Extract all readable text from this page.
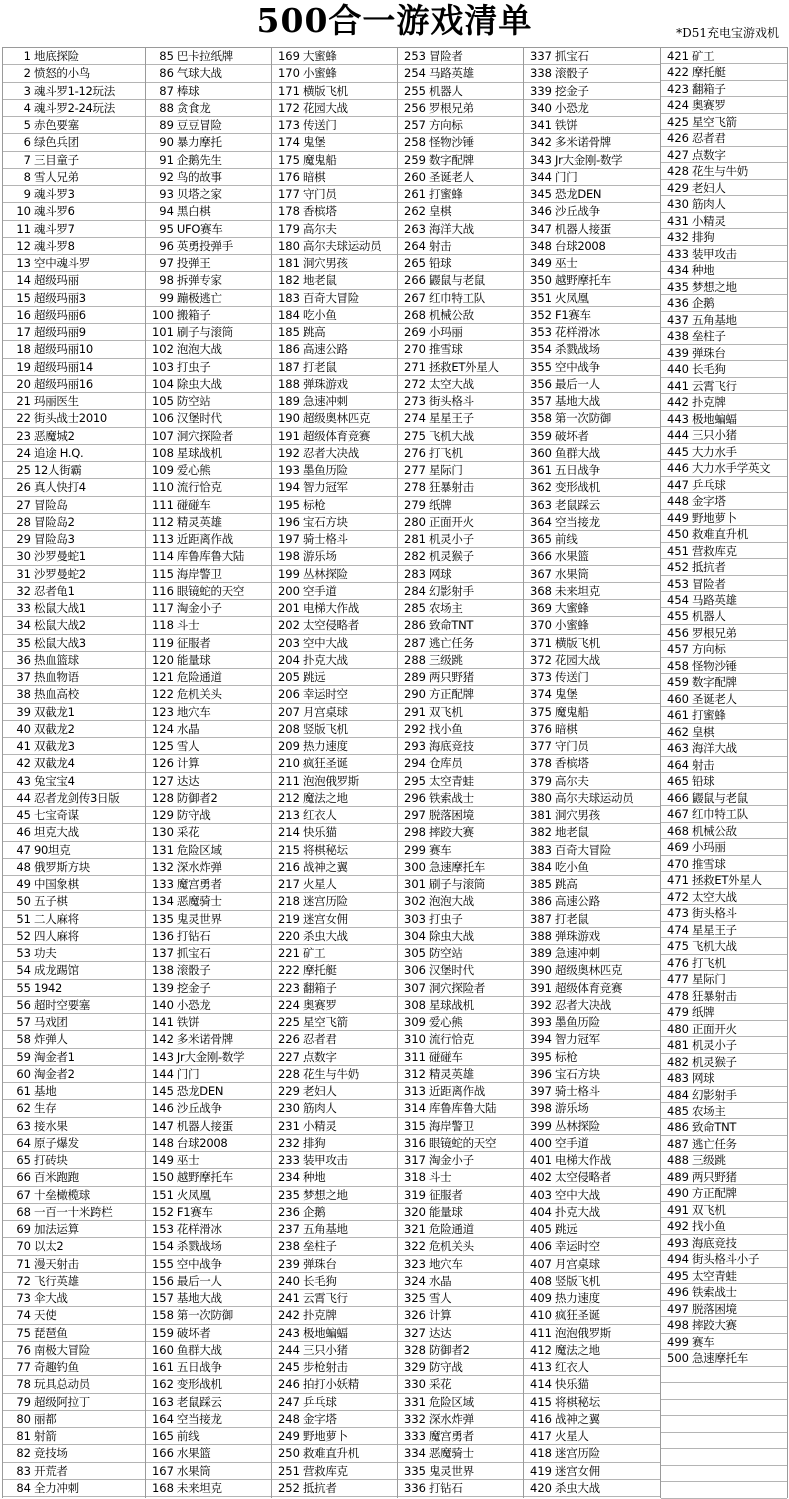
500合一游戏清单	*D51充电宝游戏机
1 地底探险
2 愤怒的小鸟
3 魂斗罗1-12玩法
4 魂斗罗2-24玩法
5 赤色要塞
6 绿色兵团
7 三目童子
8 雪人兄弟
9 魂斗罗3
10 魂斗罗6
11 魂斗罗7
12 魂斗罗8
13 空中魂斗罗
14 超级玛丽
15 超级玛丽3
16 超级玛丽6
17 超级玛丽9
18 超级玛丽10
19 超级玛丽14
20 超级玛丽16
21 玛丽医生
22 街头战士2010
23 恶魔城2
24 追途 H.Q.
25 12人街霸
26 真人快打4
27 冒险岛
28 冒险岛2
29 冒险岛3
30 沙罗曼蛇1
31 沙罗曼蛇2
32 忍者龟1
33 松鼠大战1
34 松鼠大战2
35 松鼠大战3
36 热血篮球
37 热血物语
38 热血高校
39 双截龙1
40 双截龙2
41 双截龙3
42 双截龙4
43 兔宝宝4
44 忍者龙剑传3日版
45 七宝奇谋
46 坦克大战
47 90坦克
48 俄罗斯方块
49 中国象棋
50 五子棋
51 二人麻将
52 四人麻将
53 功夫
54 成龙踢馆
55 1942
56 超时空要塞
57 马戏团
58 炸弹人
59 淘金者1
60 淘金者2
61 基地
62 生存
63 接水果
64 原子爆发
65 打砖块
66 百米跑跑
67 十垒橄榄球
68 一百一十米跨栏
69 加法运算
70 以太2
71 漫天射击
72 飞行英雄
73 伞大战
74 天使
75 琵琶鱼
76 南极大冒险
77 奇趣钓鱼
78 玩具总动员
79 超级阿拉丁
80 丽都
81 射箭
82 竞技场
83 开荒者
84 全力冲刺
85 巴卡拉纸牌
86 气球大战
87 棒球
88 贪食龙
89 豆豆冒险
90 暴力摩托
91 企鹅先生
92 鸟的故事
93 贝塔之家
94 黑白棋
95 UFO赛车
96 英勇投弹手
97 投弹王
98 拆弹专家
99 蹦极逃亡
100 搬箱子
101 刷子与滚筒
102 泡泡大战
103 打虫子
104 除虫大战
105 防空站
106 汉堡时代
107 洞穴探险者
108 星球战机
109 爱心熊
110 流行恰克
111 碰碰车
112 精灵英雄
113 近距离作战
114 库鲁库鲁大陆
115 海岸警卫
116 眼镜蛇的天空
117 淘金小子
118 斗士
119 征服者
120 能量球
121 危险通道
122 危机关头
123 地穴车
124 水晶
125 雪人
126 计算
127 达达
128 防御者2
129 防守战
130 采花
131 危险区域
132 深水炸弹
133 魔宫勇者
134 恶魔骑士
135 鬼灵世界
136 打钻石
137 抓宝石
138 滚骰子
139 挖金子
140 小恐龙
141 铁饼
142 多米诺骨牌
143 Jr大金刚-数学
144 门门
145 恐龙DEN
146 沙丘战争
147 机器人接蛋
148 台球2008
149 巫士
150 越野摩托车
151 火凤凰
152 F1赛车
153 花样滑冰
154 杀戮战场
155 空中战争
156 最后一人
157 基地大战
158 第一次防御
159 破坏者
160 鱼群大战
161 五日战争
162 变形战机
163 老鼠踩云
164 空当接龙
165 前线
166 水果篮
167 水果筒
168 未来坦克
169 大蜜蜂
170 小蜜蜂
171 横版飞机
172 花园大战
173 传送门
174 鬼堡
175 魔鬼船
176 暗棋
177 守门员
178 香槟塔
179 高尔夫
180 高尔夫球运动员
181 洞穴男孩
182 地老鼠
183 百奇大冒险
184 吃小鱼
185 跳高
186 高速公路
187 打老鼠
188 弹珠游戏
189 急速冲刺
190 超级奥林匹克
191 超级体育竞赛
192 忍者大决战
193 墨鱼历险
194 智力冠军
195 标枪
196 宝石方块
197 骑士格斗
198 游乐场
199 丛林探险
200 空手道
201 电梯大作战
202 太空侵略者
203 空中大战
204 扑克大战
205 跳远
206 幸运时空
207 月宫桌球
208 竖版飞机
209 热力速度
210 疯狂圣诞
211 泡泡俄罗斯
212 魔法之地
213 红衣人
214 快乐猫
215 将棋秘坛
216 战神之翼
217 火星人
218 迷宫历险
219 迷宫女佣
220 杀虫大战
221 矿工
222 摩托艇
223 翻箱子
224 奥赛罗
225 星空飞箭
226 忍者君
227 点数字
228 花生与牛奶
229 老妇人
230 筋肉人
231 小精灵
232 排狗
233 装甲攻击
234 种地
235 梦想之地
236 企鹅
237 五角基地
238 垒柱子
239 弹珠台
240 长毛狗
241 云霄飞行
242 扑克牌
243 极地蝙蝠
244 三只小猪
245 步枪射击
246 拍打小妖精
247 乒乓球
248 金字塔
249 野地萝卜
250 救难直升机
251 营救库克
252 抵抗者
253 冒险者
254 马路英雄
255 机器人
256 罗根兄弟
257 方向标
258 怪物沙锤
259 数字配牌
260 圣诞老人
261 打蜜蜂
262 皇棋
263 海洋大战
264 射击
265 铅球
266 鼹鼠与老鼠
267 红巾特工队
268 机械公敌
269 小玛丽
270 推雪球
271 拯救ET外星人
272 太空大战
273 街头格斗
274 星星王子
275 飞机大战
276 打飞机
277 星际门
278 狂暴射击
279 纸牌
280 正面开火
281 机灵小子
282 机灵猴子
283 网球
284 幻影射手
285 农场主
286 致命TNT
287 逃亡任务
288 三级跳
289 两只野猪
290 方正配牌
291 双飞机
292 找小鱼
293 海底竞技
294 仓库员
295 太空青蛙
296 铁索战士
297 脱落困境
298 摔跤大赛
299 赛车
300 急速摩托车
301 刷子与滚筒
302 泡泡大战
303 打虫子
304 除虫大战
305 防空站
306 汉堡时代
307 洞穴探险者
308 星球战机
309 爱心熊
310 流行恰克
311 碰碰车
312 精灵英雄
313 近距离作战
314 库鲁库鲁大陆
315 海岸警卫
316 眼镜蛇的天空
317 淘金小子
318 斗士
319 征服者
320 能量球
321 危险通道
322 危机关头
323 地穴车
324 水晶
325 雪人
326 计算
327 达达
328 防御者2
329 防守战
330 采花
331 危险区域
332 深水炸弹
333 魔宫勇者
334 恶魔骑士
335 鬼灵世界
336 打钻石
337 抓宝石
338 滚骰子
339 挖金子
340 小恐龙
341 铁饼
342 多米诺骨牌
343 Jr大金刚-数学
344 门门
345 恐龙DEN
346 沙丘战争
347 机器人接蛋
348 台球2008
349 巫士
350 越野摩托车
351 火凤凰
352 F1赛车
353 花样滑冰
354 杀戮战场
355 空中战争
356 最后一人
357 基地大战
358 第一次防御
359 破坏者
360 鱼群大战
361 五日战争
362 变形战机
363 老鼠踩云
364 空当接龙
365 前线
366 水果篮
367 水果筒
368 未来坦克
369 大蜜蜂
370 小蜜蜂
371 横版飞机
372 花园大战
373 传送门
374 鬼堡
375 魔鬼船
376 暗棋
377 守门员
378 香槟塔
379 高尔夫
380 高尔夫球运动员
381 洞穴男孩
382 地老鼠
383 百奇大冒险
384 吃小鱼
385 跳高
386 高速公路
387 打老鼠
388 弹珠游戏
389 急速冲刺
390 超级奥林匹克
391 超级体育竞赛
392 忍者大决战
393 墨鱼历险
394 智力冠军
395 标枪
396 宝石方块
397 骑士格斗
398 游乐场
399 丛林探险
400 空手道
401 电梯大作战
402 太空侵略者
403 空中大战
404 扑克大战
405 跳远
406 幸运时空
407 月宫桌球
408 竖版飞机
409 热力速度
410 疯狂圣诞
411 泡泡俄罗斯
412 魔法之地
413 红衣人
414 快乐猫
415 将棋秘坛
416 战神之翼
417 火星人
418 迷宫历险
419 迷宫女佣
420 杀虫大战
421 矿工
422 摩托艇
423 翻箱子
424 奥赛罗
425 星空飞箭
426 忍者君
427 点数字
428 花生与牛奶
429 老妇人
430 筋肉人
431 小精灵
432 排狗
433 装甲攻击
434 种地
435 梦想之地
436 企鹅
437 五角基地
438 垒柱子
439 弹珠台
440 长毛狗
441 云霄飞行
442 扑克牌
443 极地蝙蝠
444 三只小猪
445 大力水手
446 大力水手学英文
447 乒乓球
448 金字塔
449 野地萝卜
450 救难直升机
451 营救库克
452 抵抗者
453 冒险者
454 马路英雄
455 机器人
456 罗根兄弟
457 方向标
458 怪物沙锤
459 数字配牌
460 圣诞老人
461 打蜜蜂
462 皇棋
463 海洋大战
464 射击
465 铅球
466 鼹鼠与老鼠
467 红巾特工队
468 机械公敌
469 小玛丽
470 推雪球
471 拯救ET外星人
472 太空大战
473 街头格斗
474 星星王子
475 飞机大战
476 打飞机
477 星际门
478 狂暴射击
479 纸牌
480 正面开火
481 机灵小子
482 机灵猴子
483 网球
484 幻影射手
485 农场主
486 致命TNT
487 逃亡任务
488 三级跳
489 两只野猪
490 方正配牌
491 双飞机
492 找小鱼
493 海底竞技
494 街头格斗小子
495 太空青蛙
496 铁索战士
497 脱落困境
498 摔跤大赛
499 赛车
500 急速摩托车
